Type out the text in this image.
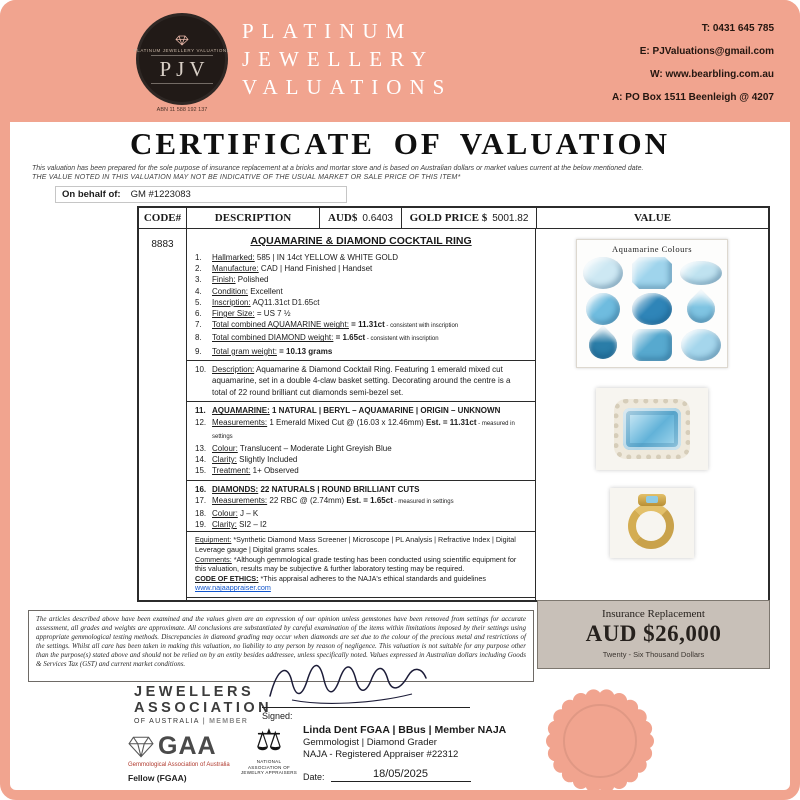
PLATINUM JEWELLERY VALUATIONS
PJV
ABN 11 588 192 137
PLATINUM
JEWELLERY
VALUATIONS
T: 0431 645 785
E: PJValuations@gmail.com
W: www.bearbling.com.au
A: PO Box 1511 Beenleigh @ 4207
CERTIFICATE OF VALUATION
This valuation has been prepared for the sole purpose of insurance replacement at a bricks and mortar store and is based on Australian dollars or market values current at the below mentioned date.
THE VALUE NOTED IN THIS VALUATION MAY NOT BE INDICATIVE OF THE USUAL MARKET OR SALE PRICE OF THIS ITEM*
On behalf of: GM #1223083
CODE#	DESCRIPTION	AUD$ 0.6403 GOLD PRICE $ 5001.82	VALUE
8883	AQUAMARINE & DIAMOND COCKTAIL RING
1. Hallmarked: 585 | IN 14ct YELLOW & WHITE GOLD
2. Manufacture: CAD | Hand Finished | Handset
3. Finish: Polished
4. Condition: Excellent
5. Inscription: AQ11.31ct D1.65ct
6. Finger Size: = US 7 ½
7. Total combined AQUAMARINE weight: = 11.31ct - consistent with inscription
8. Total combined DIAMOND weight: = 1.65ct - consistent with inscription
9. Total gram weight: = 10.13 grams
10. Description: Aquamarine & Diamond Cocktail Ring. Featuring 1 emerald mixed cut aquamarine, set in a double 4-claw basket setting. Decorating around the centre is a total of 22 round brilliant cut diamonds semi-bezel set.
11. AQUAMARINE: 1 NATURAL | BERYL – AQUAMARINE | ORIGIN – UNKNOWN
12. Measurements: 1 Emerald Mixed Cut @ (16.03 x 12.46mm) Est. = 11.31ct - measured in settings
13. Colour: Translucent – Moderate Light Greyish Blue
14. Clarity: Slightly Included
15. Treatment: 1+ Observed
16. DIAMONDS: 22 NATURALS | ROUND BRILLIANT CUTS
17. Measurements: 22 RBC @ (2.74mm) Est. = 1.65ct - measured in settings
18. Colour: J – K
19. Clarity: SI2 – I2
Equipment: *Synthetic Diamond Mass Screener | Microscope | PL Analysis | Refractive Index | Digital Leverage gauge | Digital grams scales.
Comments: *Although gemmological grade testing has been conducted using scientific equipment for this valuation, results may be subjective & further laboratory testing may be required.
CODE OF ETHICS: *This appraisal adheres to the NAJA's ethical standards and guidelines www.najaappraiser.com
Aquamarine Colours
The articles described above have been examined and the values given are an expression of our opinion unless gemstones have been removed from settings for accurate assessment, all grades and weights are approximate. All conclusions are substantiated by careful examination of the items within limitations imposed by their settings using appropriate gemmological testing methods. Discrepancies in diamond grading may occur when diamonds are set due to the colour of the precious metal and restrictions of the settings. Whilst all care has been taken in making this valuation, no liability to any person by reason of negligence. This valuation is not suitable for any purpose other than the purpose(s) stated above and should not be relied on by an entity besides addressee, unless specifically noted. Values expressed in Australian dollars including Goods & Services Tax (GST) and current market conditions.
Insurance Replacement
AUD $26,000
Twenty - Six Thousand Dollars
JEWELLERS
ASSOCIATION
OF AUSTRALIA | MEMBER
Signed:
Linda Dent FGAA | BBus | Member NAJA
Gemmologist | Diamond Grader
NAJA - Registered Appraiser #22312
Date:	18/05/2025
GAA
Gemmological Association of Australia
Fellow (FGAA)
⚖
NATIONAL ASSOCIATION OF JEWELRY APPRAISERS
